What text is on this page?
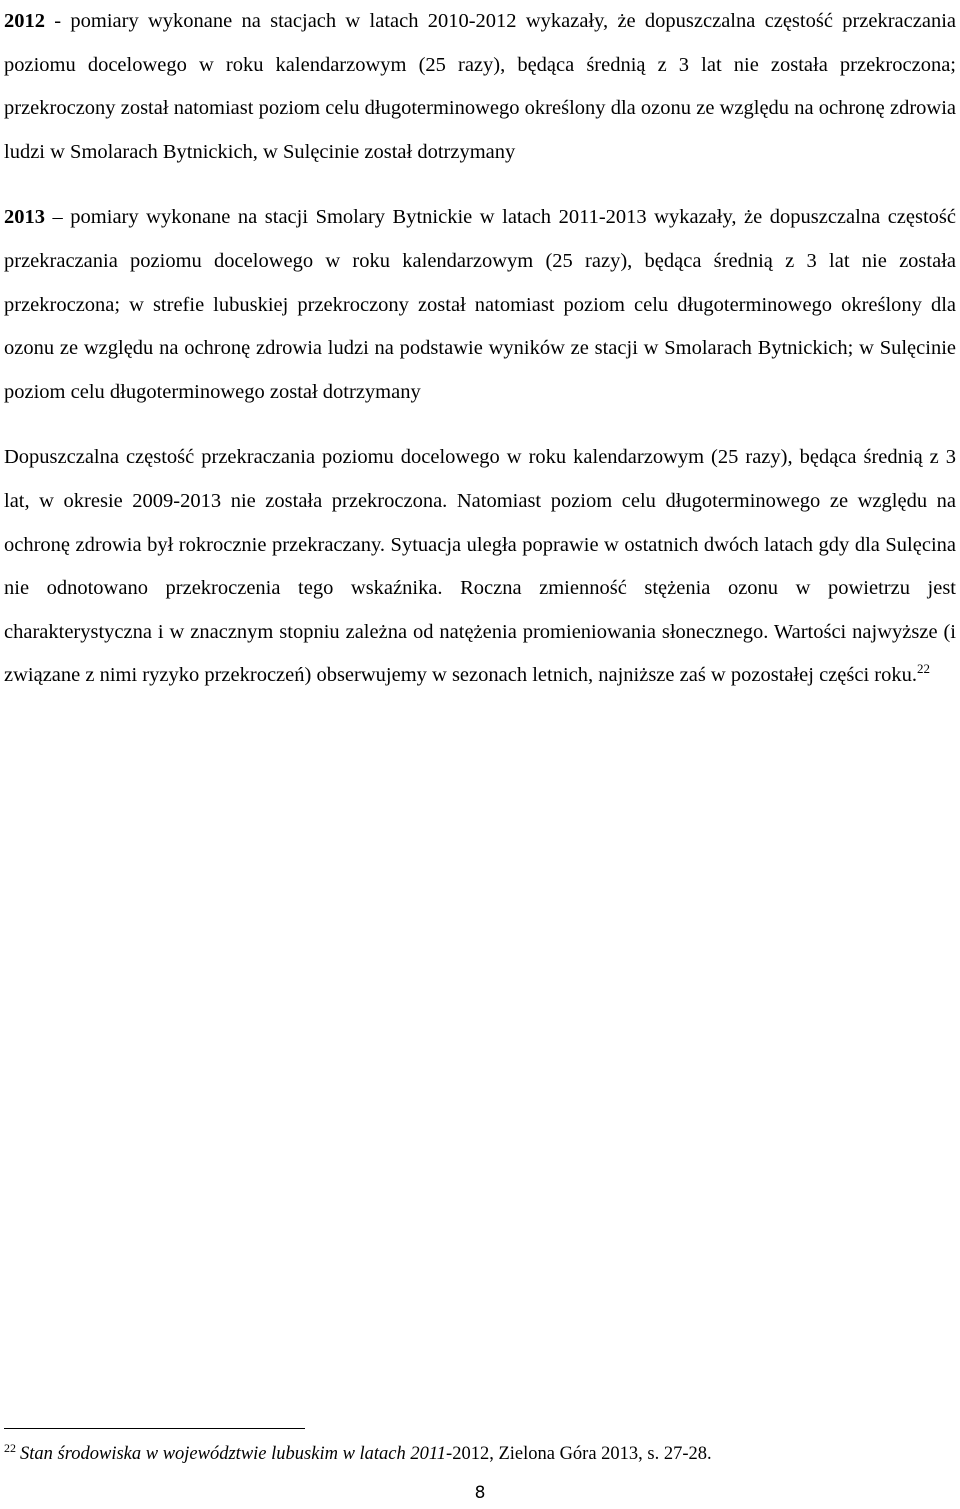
2012 - pomiary wykonane na stacjach w latach 2010-2012 wykazały, że dopuszczalna częstość przekraczania poziomu docelowego w roku kalendarzowym (25 razy), będąca średnią z 3 lat nie została przekroczona; przekroczony został natomiast poziom celu długoterminowego określony dla ozonu ze względu na ochronę zdrowia ludzi w Smolarach Bytnickich, w Sulęcinie został dotrzymany

2013 – pomiary wykonane na stacji Smolary Bytnickie w latach 2011-2013 wykazały, że dopuszczalna częstość przekraczania poziomu docelowego w roku kalendarzowym (25 razy), będąca średnią z 3 lat nie została przekroczona; w strefie lubuskiej przekroczony został natomiast poziom celu długoterminowego określony dla ozonu ze względu na ochronę zdrowia ludzi na podstawie wyników ze stacji w Smolarach Bytnickich; w Sulęcinie poziom celu długoterminowego został dotrzymany

Dopuszczalna częstość przekraczania poziomu docelowego w roku kalendarzowym (25 razy), będąca średnią z 3 lat, w okresie 2009-2013 nie została przekroczona. Natomiast poziom celu długoterminowego ze względu na ochronę zdrowia był rokrocznie przekraczany. Sytuacja uległa poprawie w ostatnich dwóch latach gdy dla Sulęcina nie odnotowano przekroczenia tego wskaźnika. Roczna zmienność stężenia ozonu w powietrzu jest charakterystyczna i w znacznym stopniu zależna od natężenia promieniowania słonecznego. Wartości najwyższe (i związane z nimi ryzyko przekroczeń) obserwujemy w sezonach letnich, najniższe zaś w pozostałej części roku.$^{22}$

$^{22}$ Stan środowiska w województwie lubuskim w latach 2011-2012, Zielona Góra 2013, s. 27-28.
8
